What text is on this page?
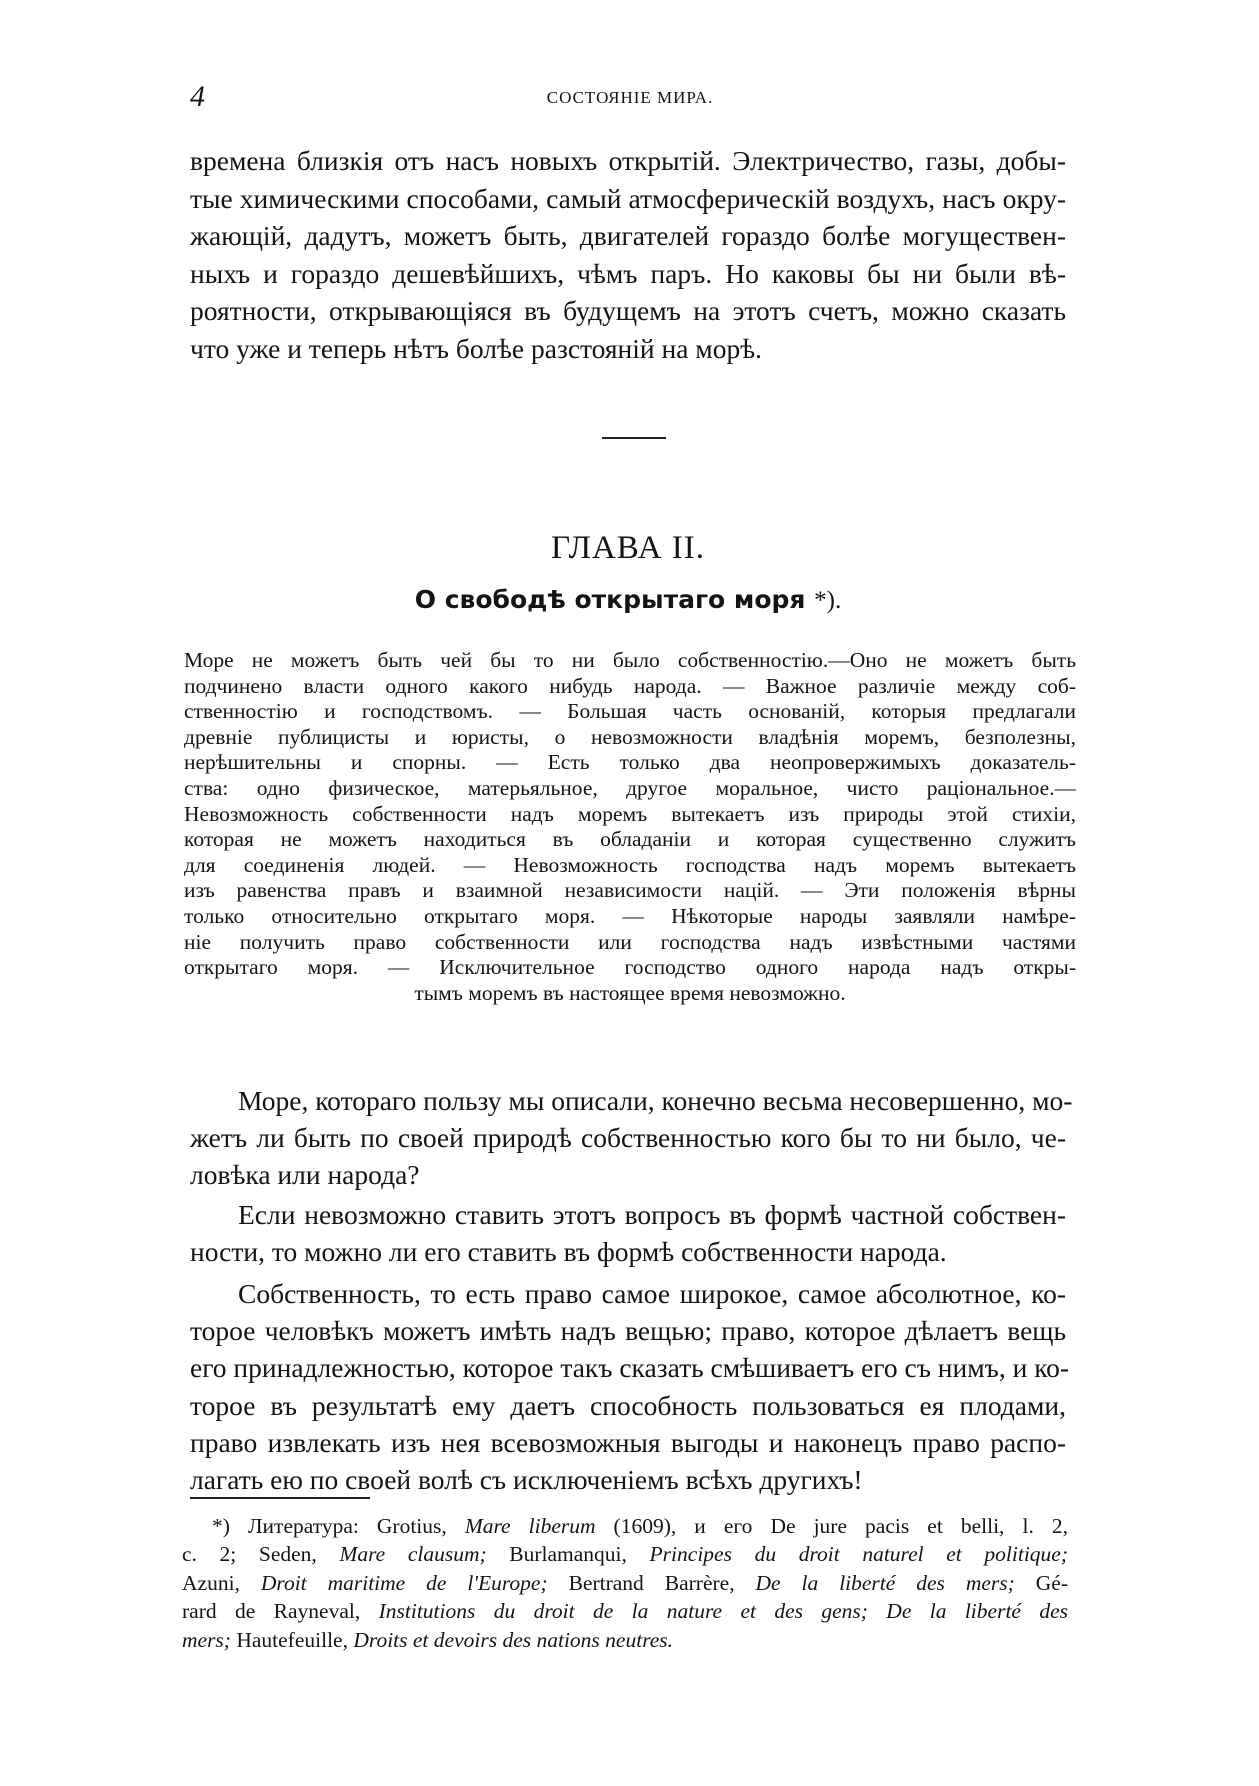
4	СОСТОЯНІЕ МИРА.
времена близкія отъ насъ новыхъ открытій. Электричество, газы, добы-
тые химическими способами, самый атмосферическій воздухъ, насъ окру-
жающій, дадутъ, можетъ быть, двигателей гораздо болѣе могуществен-
ныхъ и гораздо дешевѣйшихъ, чѣмъ паръ. Но каковы бы ни были вѣ-
роятности, открывающіяся въ будущемъ на этотъ счетъ, можно сказать
что уже и теперь нѣтъ болѣе разстояній на морѣ.
ГЛАВА II.
О свободѣ открытаго моря *).
Море не можетъ быть чей бы то ни было собственностію.—Оно не можетъ быть
подчинено власти одного какого нибудь народа. — Важное различіе между соб-
ственностію и господствомъ. — Большая часть основаній, которыя предлагали
древніе публицисты и юристы, о невозможности владѣнія моремъ, безполезны,
нерѣшительны и спорны. — Есть только два неопровержимыхъ доказатель-
ства: одно физическое, матерьяльное, другое моральное, чисто раціональное.—
Невозможность собственности надъ моремъ вытекаетъ изъ природы этой стихіи,
которая не можетъ находиться въ обладаніи и которая существенно служитъ
для соединенія людей. — Невозможность господства надъ моремъ вытекаетъ
изъ равенства правъ и взаимной независимости націй. — Эти положенія вѣрны
только относительно открытаго моря. — Нѣкоторые народы заявляли намѣре-
ніе получить право собственности или господства надъ извѣстными частями
открытаго моря. — Исключительное господство одного народа надъ откры-
тымъ моремъ въ настоящее время невозможно.
Море, котораго пользу мы описали, конечно весьма несовершенно, мо-
жетъ ли быть по своей природѣ собственностью кого бы то ни было, че-
ловѣка или народа?
Если невозможно ставить этотъ вопросъ въ формѣ частной собствен-
ности, то можно ли его ставить въ формѣ собственности народа.
Собственность, то есть право самое широкое, самое абсолютное, ко-
торое человѣкъ можетъ имѣть надъ вещью; право, которое дѣлаетъ вещь
его принадлежностью, которое такъ сказать смѣшиваетъ его съ нимъ, и ко-
торое въ результатѣ ему даетъ способность пользоваться ея плодами,
право извлекать изъ нея всевозможныя выгоды и наконецъ право распо-
лагать ею по своей волѣ съ исключеніемъ всѣхъ другихъ!
*) Литература: Grotius, Mare liberum (1609), и его De jure pacis et belli, l. 2,
c. 2; Seden, Mare clausum; Burlamanqui, Principes du droit naturel et politique;
Azuni, Droit maritime de l'Europe; Bertrand Barrère, De la liberté des mers; Gé-
rard de Rayneval, Institutions du droit de la nature et des gens; De la liberté des
mers; Hautefeuille, Droits et devoirs des nations neutres.
